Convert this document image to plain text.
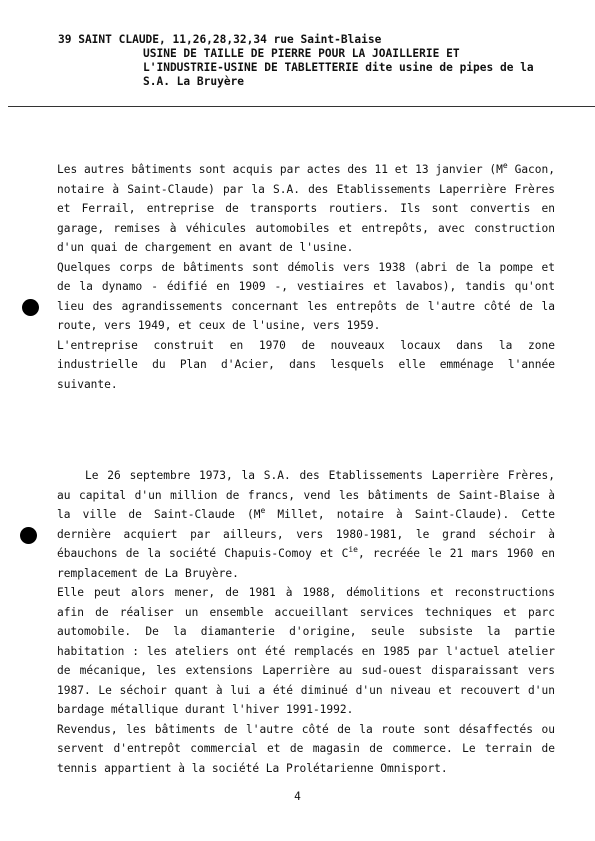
39 SAINT CLAUDE, 11,26,28,32,34 rue Saint-Blaise
USINE DE TAILLE DE PIERRE POUR LA JOAILLERIE ET
L'INDUSTRIE-USINE DE TABLETTERIE dite usine de pipes de la
S.A. La Bruyère

Les autres bâtiments sont acquis par actes des 11 et 13 janvier (Me Gacon, notaire à Saint-Claude) par la S.A. des Etablissements Laperrière Frères et Ferrail, entreprise de transports routiers. Ils sont convertis en garage, remises à véhicules automobiles et entrepôts, avec construction d'un quai de chargement en avant de l'usine.

Quelques corps de bâtiments sont démolis vers 1938 (abri de la pompe et de la dynamo - édifié en 1909 -, vestiaires et lavabos), tandis qu'ont lieu des agrandissements concernant les entrepôts de l'autre côté de la route, vers 1949, et ceux de l'usine, vers 1959.

L'entreprise construit en 1970 de nouveaux locaux dans la zone industrielle du Plan d'Acier, dans lesquels elle emménage l'année suivante.

Le 26 septembre 1973, la S.A. des Etablissements Laperrière Frères, au capital d'un million de francs, vend les bâtiments de Saint-Blaise à la ville de Saint-Claude (Me Millet, notaire à Saint-Claude). Cette dernière acquiert par ailleurs, vers 1980-1981, le grand séchoir à ébauchons de la société Chapuis-Comoy et $C^{ie}$, recréée le 21 mars 1960 en remplacement de La Bruyère.

Elle peut alors mener, de 1981 à 1988, démolitions et reconstructions afin de réaliser un ensemble accueillant services techniques et parc automobile. De la diamanterie d'origine, seule subsiste la partie habitation : les ateliers ont été remplacés en 1985 par l'actuel atelier de mécanique, les extensions Laperrière au sud-ouest disparaissant vers 1987. Le séchoir quant à lui a été diminué d'un niveau et recouvert d'un bardage métallique durant l'hiver 1991-1992.

Revendus, les bâtiments de l'autre côté de la route sont désaffectés ou servent d'entrepôt commercial et de magasin de commerce. Le terrain de tennis appartient à la société La Prolétarienne Omnisport.

4
